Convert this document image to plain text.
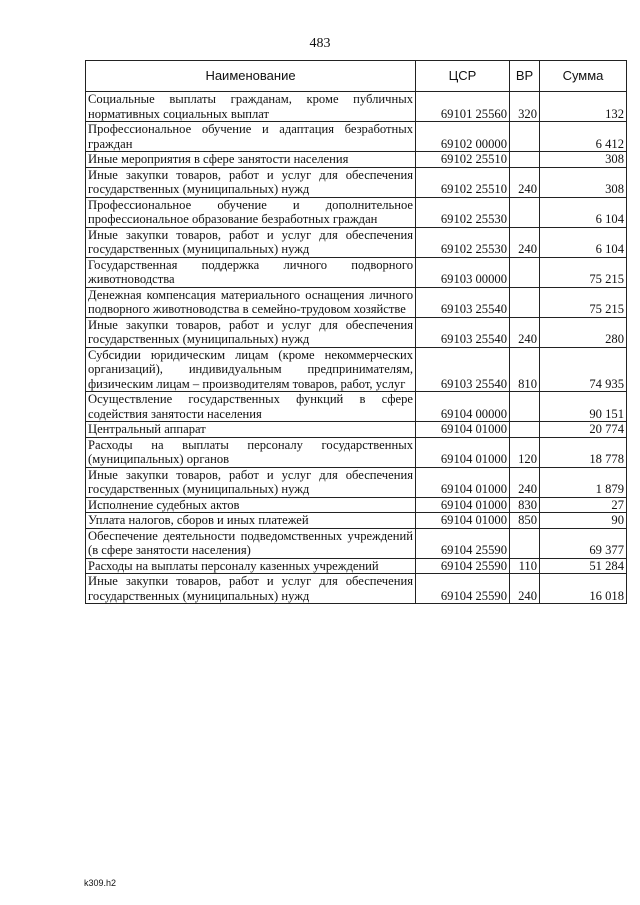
483
Наименование	ЦСР	ВР	Сумма
Социальные выплаты гражданам, кроме публичных нормативных социальных выплат	69101 25560	320	132
Профессиональное обучение и адаптация безработных граждан	69102 00000		6 412
Иные мероприятия в сфере занятости населения	69102 25510		308
Иные закупки товаров, работ и услуг для обеспечения государственных (муниципальных) нужд	69102 25510	240	308
Профессиональное обучение и дополнительное профессиональное образование безработных граждан	69102 25530		6 104
Иные закупки товаров, работ и услуг для обеспечения государственных (муниципальных) нужд	69102 25530	240	6 104
Государственная поддержка личного подворного животноводства	69103 00000		75 215
Денежная компенсация материального оснащения личного подворного животноводства в семейно-трудовом хозяйстве	69103 25540		75 215
Иные закупки товаров, работ и услуг для обеспечения государственных (муниципальных) нужд	69103 25540	240	280
Субсидии юридическим лицам (кроме некоммерческих организаций), индивидуальным предпринимателям, физическим лицам – производителям товаров, работ, услуг	69103 25540	810	74 935
Осуществление государственных функций в сфере содействия занятости населения	69104 00000		90 151
Центральный аппарат	69104 01000		20 774
Расходы на выплаты персоналу государственных (муниципальных) органов	69104 01000	120	18 778
Иные закупки товаров, работ и услуг для обеспечения государственных (муниципальных) нужд	69104 01000	240	1 879
Исполнение судебных актов	69104 01000	830	27
Уплата налогов, сборов и иных платежей	69104 01000	850	90
Обеспечение деятельности подведомственных учреждений (в сфере занятости населения)	69104 25590		69 377
Расходы на выплаты персоналу казенных учреждений	69104 25590	110	51 284
Иные закупки товаров, работ и услуг для обеспечения государственных (муниципальных) нужд	69104 25590	240	16 018
k309.h2
